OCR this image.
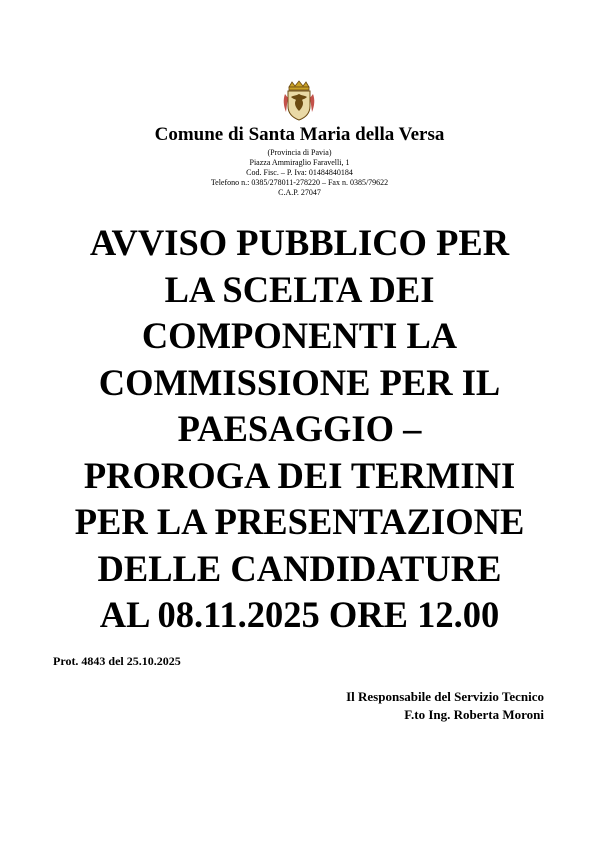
Comune di Santa Maria della Versa
(Provincia di Pavia)
Piazza Ammiraglio Faravelli, 1
Cod. Fisc. – P. Iva: 01484840184
Telefono n.: 0385/278011-278220 – Fax n. 0385/79622
C.A.P. 27047
AVVISO PUBBLICO PER
LA SCELTA DEI
COMPONENTI LA
COMMISSIONE PER IL
PAESAGGIO –
PROROGA DEI TERMINI
PER LA PRESENTAZIONE
DELLE CANDIDATURE
AL 08.11.2025 ORE 12.00
Prot. 4843 del 25.10.2025
Il Responsabile del Servizio Tecnico
F.to Ing. Roberta Moroni
